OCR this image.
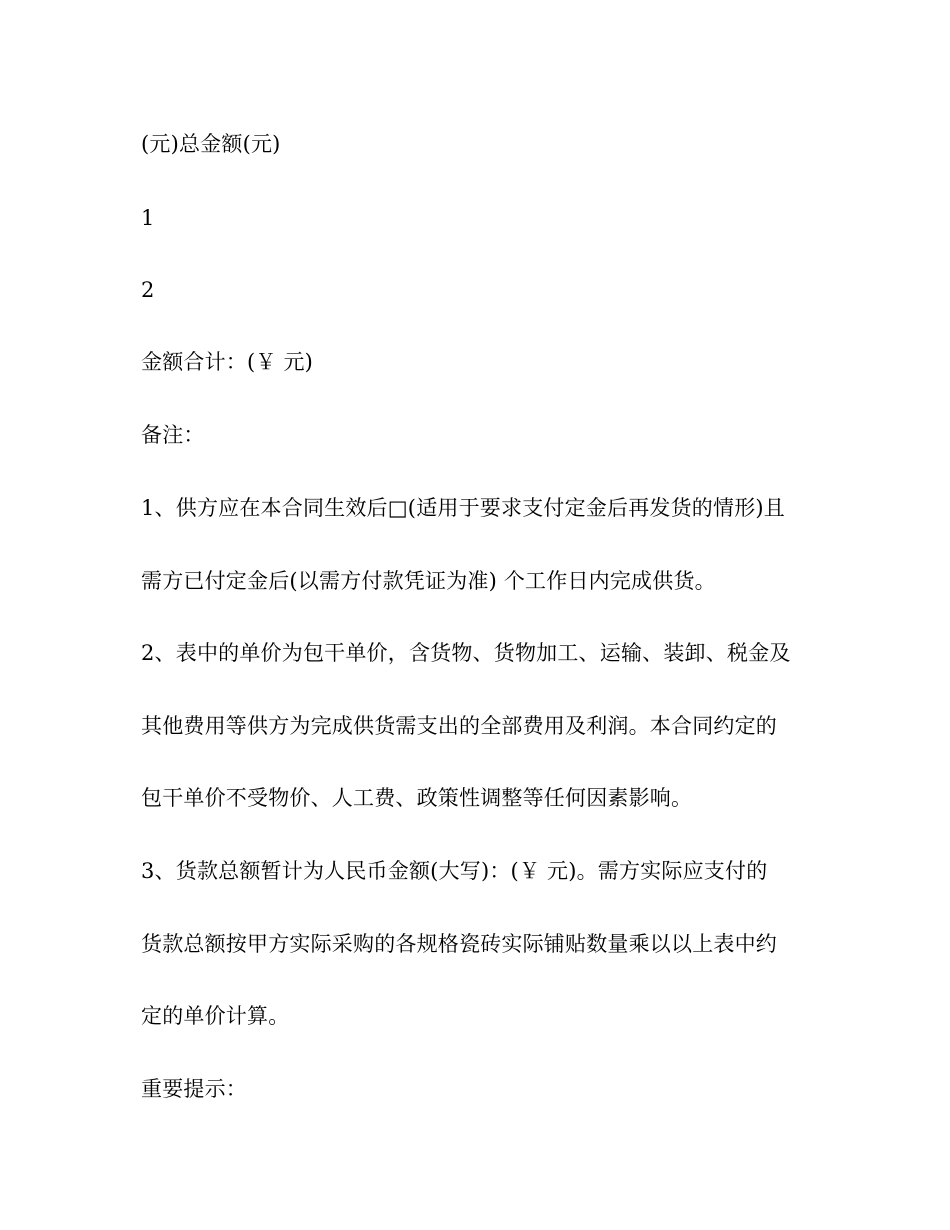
(元)总金额(元)

1

2

金额合计：(￥ 元)

备注：

1、供方应在本合同生效后□(适用于要求支付定金后再发货的情形)且

需方已付定金后(以需方付款凭证为准) 个工作日内完成供货。

2、表中的单价为包干单价，含货物、货物加工、运输、装卸、税金及

其他费用等供方为完成供货需支出的全部费用及利润。本合同约定的

包干单价不受物价、人工费、政策性调整等任何因素影响。

3、货款总额暂计为人民币金额(大写)：(￥ 元)。需方实际应支付的

货款总额按甲方实际采购的各规格瓷砖实际铺贴数量乘以以上表中约

定的单价计算。

重要提示：
